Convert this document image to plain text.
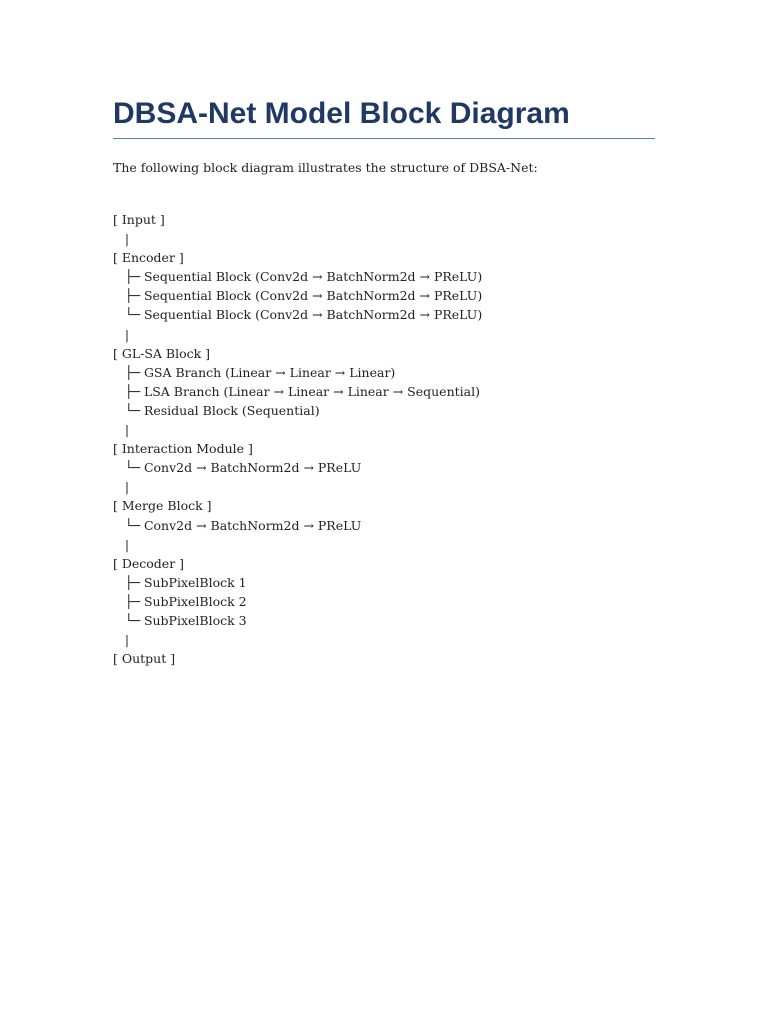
DBSA-Net Model Block Diagram

The following block diagram illustrates the structure of DBSA-Net:

[ Input ]
|
[ Encoder ]
├─ Sequential Block (Conv2d → BatchNorm2d → PReLU)
├─ Sequential Block (Conv2d → BatchNorm2d → PReLU)
└─ Sequential Block (Conv2d → BatchNorm2d → PReLU)
|
[ GL-SA Block ]
├─ GSA Branch (Linear → Linear → Linear)
├─ LSA Branch (Linear → Linear → Linear → Sequential)
└─ Residual Block (Sequential)
|
[ Interaction Module ]
└─ Conv2d → BatchNorm2d → PReLU
|
[ Merge Block ]
└─ Conv2d → BatchNorm2d → PReLU
|
[ Decoder ]
├─ SubPixelBlock 1
├─ SubPixelBlock 2
└─ SubPixelBlock 3
|
[ Output ]
